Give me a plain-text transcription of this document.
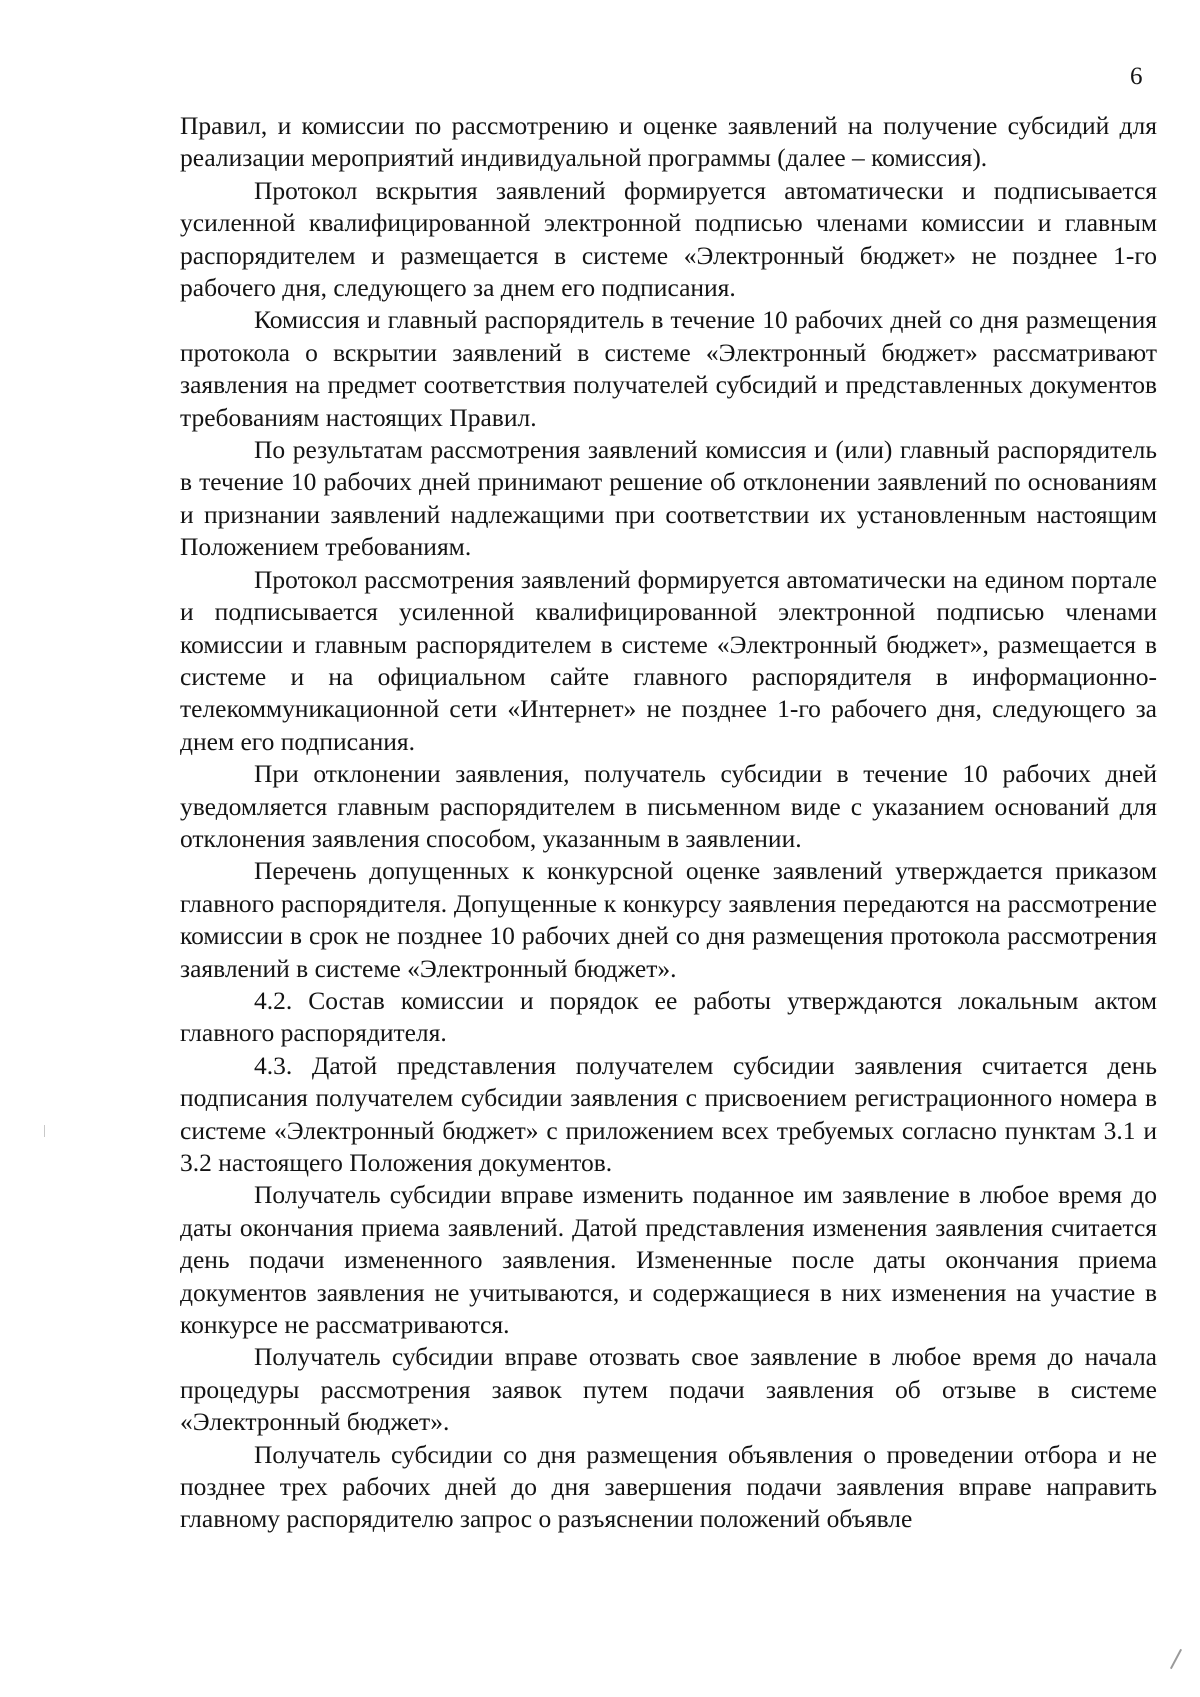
6

Правил, и комиссии по рассмотрению и оценке заявлений на получение субсидий для реализации мероприятий индивидуальной программы (далее – комиссия).

Протокол вскрытия заявлений формируется автоматически и подписывается усиленной квалифицированной электронной подписью членами комиссии и главным распорядителем и размещается в системе «Электронный бюджет» не позднее 1-го рабочего дня, следующего за днем его подписания.

Комиссия и главный распорядитель в течение 10 рабочих дней со дня размещения протокола о вскрытии заявлений в системе «Электронный бюджет» рассматривают заявления на предмет соответствия получателей субсидий и представленных документов требованиям настоящих Правил.

По результатам рассмотрения заявлений комиссия и (или) главный распорядитель в течение 10 рабочих дней принимают решение об отклонении заявлений по основаниям и признании заявлений надлежащими при соответствии их установленным настоящим Положением требованиям.

Протокол рассмотрения заявлений формируется автоматически на едином портале и подписывается усиленной квалифицированной электронной подписью членами комиссии и главным распорядителем в системе «Электронный бюджет», размещается в системе и на официальном сайте главного распорядителя в информационно-телекоммуникационной сети «Интернет» не позднее 1-го рабочего дня, следующего за днем его подписания.

При отклонении заявления, получатель субсидии в течение 10 рабочих дней уведомляется главным распорядителем в письменном виде с указанием оснований для отклонения заявления способом, указанным в заявлении.

Перечень допущенных к конкурсной оценке заявлений утверждается приказом главного распорядителя. Допущенные к конкурсу заявления передаются на рассмотрение комиссии в срок не позднее 10 рабочих дней со дня размещения протокола рассмотрения заявлений в системе «Электронный бюджет».

4.2. Состав комиссии и порядок ее работы утверждаются локальным актом главного распорядителя.

4.3. Датой представления получателем субсидии заявления считается день подписания получателем субсидии заявления с присвоением регистрационного номера в системе «Электронный бюджет» с приложением всех требуемых согласно пунктам 3.1 и 3.2 настоящего Положения документов.

Получатель субсидии вправе изменить поданное им заявление в любое время до даты окончания приема заявлений. Датой представления изменения заявления считается день подачи измененного заявления. Измененные после даты окончания приема документов заявления не учитываются, и содержащиеся в них изменения на участие в конкурсе не рассматриваются.

Получатель субсидии вправе отозвать свое заявление в любое время до начала процедуры рассмотрения заявок путем подачи заявления об отзыве в системе «Электронный бюджет».

Получатель субсидии со дня размещения объявления о проведении отбора и не позднее трех рабочих дней до дня завершения подачи заявления вправе направить главному распорядителю запрос о разъяснении положений объявле
